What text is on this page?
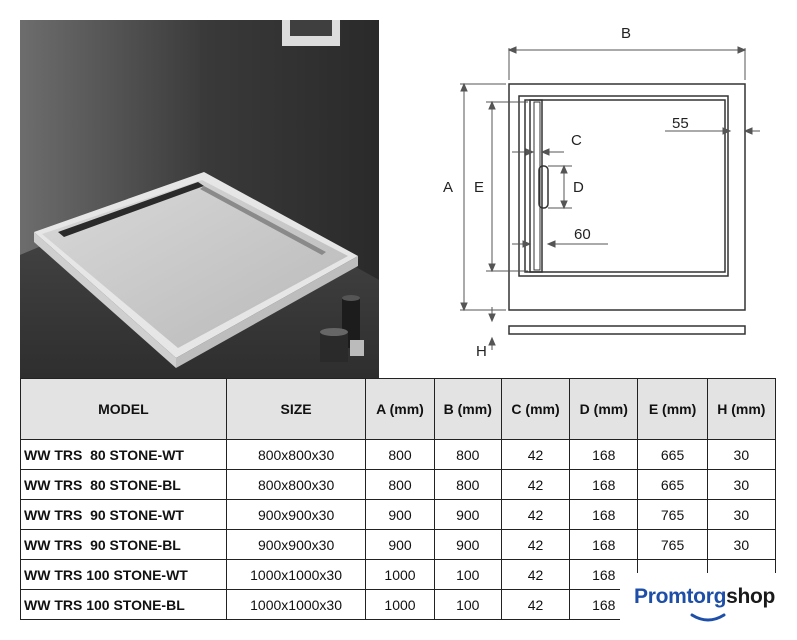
B
A E
55
C
D
60
H
MODEL	SIZE	A (mm)	B (mm)	C (mm)	D (mm)	E (mm)	H (mm)
WW TRS  80 STONE-WT	800x800x30	800	800	42	168	665	30
WW TRS  80 STONE-BL	800x800x30	800	800	42	168	665	30
WW TRS  90 STONE-WT	900x900x30	900	900	42	168	765	30
WW TRS  90 STONE-BL	900x900x30	900	900	42	168	765	30
WW TRS 100 STONE-WT	1000x1000x30	1000	100	42	168		
WW TRS 100 STONE-BL	1000x1000x30	1000	100	42	168		Promtorgshop
